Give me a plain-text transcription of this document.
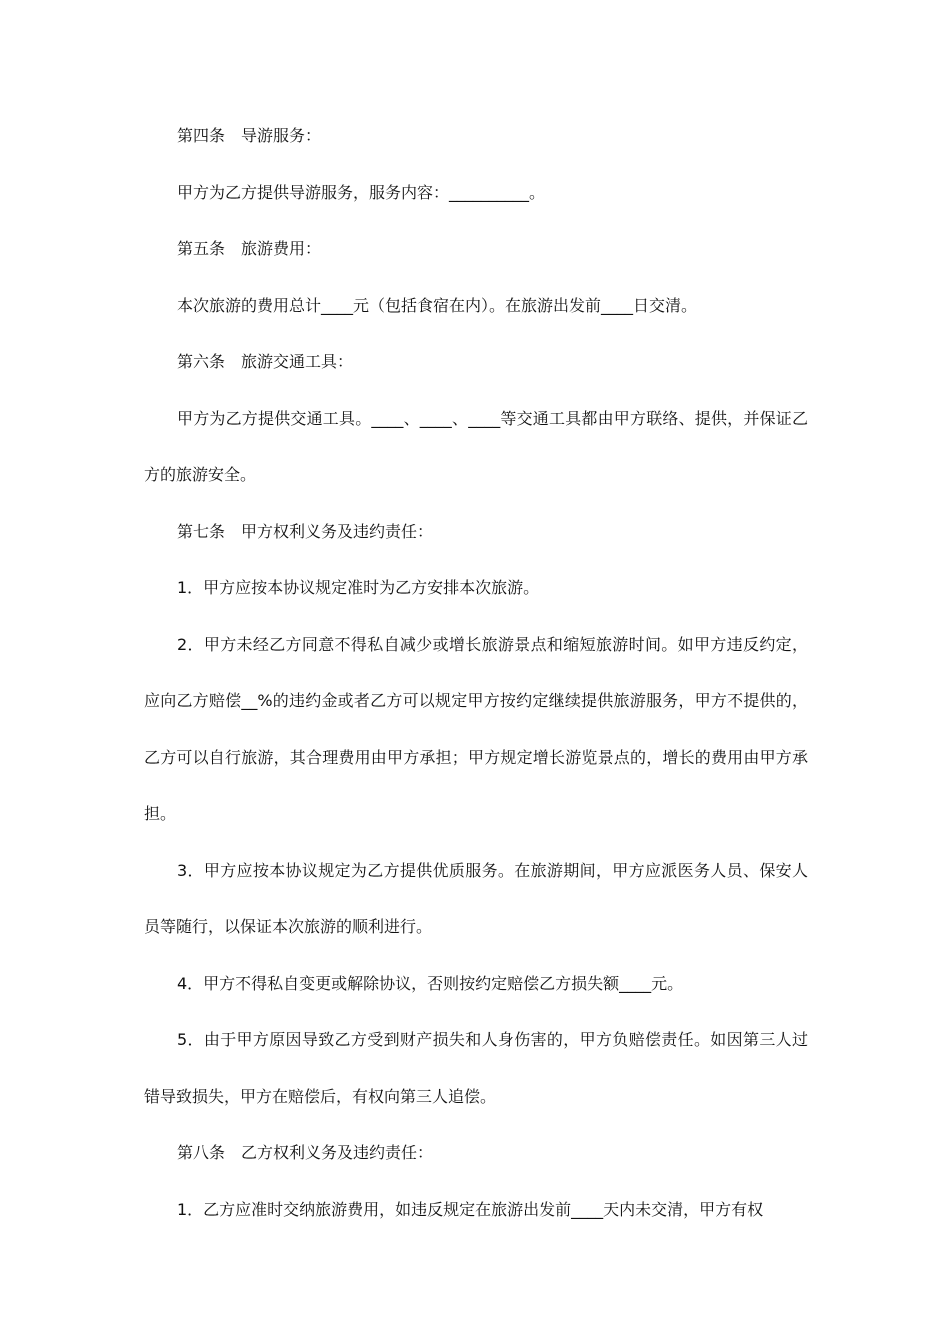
第四条　导游服务：

甲方为乙方提供导游服务，服务内容：__________。

第五条　旅游费用：

本次旅游的费用总计____元（包括食宿在内）。在旅游出发前____日交清。

第六条　旅游交通工具：

甲方为乙方提供交通工具。____、____、____等交通工具都由甲方联络、提供，并保证乙方的旅游安全。

第七条　甲方权利义务及违约责任：

1．甲方应按本协议规定准时为乙方安排本次旅游。

2．甲方未经乙方同意不得私自减少或增长旅游景点和缩短旅游时间。如甲方违反约定，应向乙方赔偿__%的违约金或者乙方可以规定甲方按约定继续提供旅游服务，甲方不提供的，乙方可以自行旅游，其合理费用由甲方承担；甲方规定增长游览景点的，增长的费用由甲方承担。

3．甲方应按本协议规定为乙方提供优质服务。在旅游期间，甲方应派医务人员、保安人员等随行，以保证本次旅游的顺利进行。

4．甲方不得私自变更或解除协议，否则按约定赔偿乙方损失额____元。

5．由于甲方原因导致乙方受到财产损失和人身伤害的，甲方负赔偿责任。如因第三人过错导致损失，甲方在赔偿后，有权向第三人追偿。

第八条　乙方权利义务及违约责任：

1．乙方应准时交纳旅游费用，如违反规定在旅游出发前____天内未交清，甲方有权
